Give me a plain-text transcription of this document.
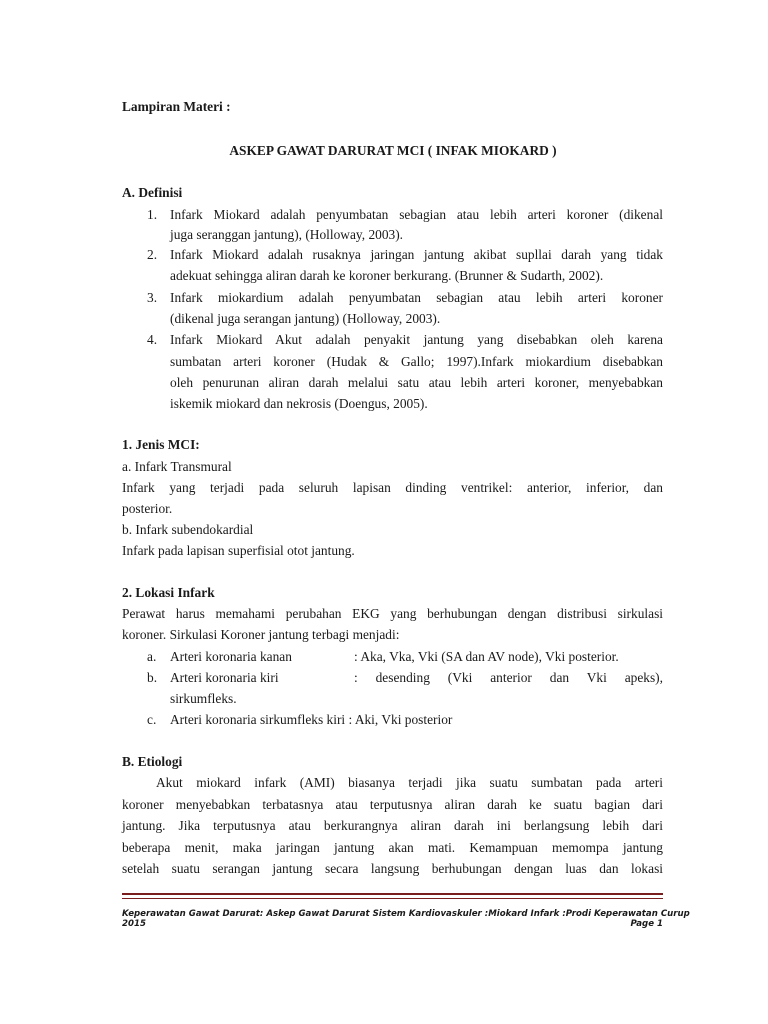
Lampiran Materi :
ASKEP GAWAT DARURAT MCI ( INFAK MIOKARD )
A. Definisi
1. Infark Miokard adalah penyumbatan sebagian atau lebih arteri koroner (dikenal
juga seranggan jantung), (Holloway, 2003).
2. Infark Miokard adalah rusaknya jaringan jantung akibat supllai darah yang tidak
adekuat sehingga aliran darah ke koroner berkurang. (Brunner & Sudarth, 2002).
3. Infark miokardium adalah penyumbatan sebagian atau lebih arteri koroner
(dikenal juga serangan jantung) (Holloway, 2003).
4. Infark Miokard Akut adalah penyakit jantung yang disebabkan oleh karena
sumbatan arteri koroner (Hudak & Gallo; 1997).Infark miokardium disebabkan
oleh penurunan aliran darah melalui satu atau lebih arteri koroner, menyebabkan
iskemik miokard dan nekrosis (Doengus, 2005).
1. Jenis MCI:
a. Infark Transmural
Infark yang terjadi pada seluruh lapisan dinding ventrikel: anterior, inferior, dan
posterior.
b. Infark subendokardial
Infark pada lapisan superfisial otot jantung.
2. Lokasi Infark
Perawat harus memahami perubahan EKG yang berhubungan dengan distribusi sirkulasi
koroner. Sirkulasi Koroner jantung terbagi menjadi:
a. Arteri koronaria kanan	: Aka, Vka, Vki (SA dan AV node), Vki posterior.
b. Arteri koronaria kiri	: desending (Vki anterior dan Vki apeks),
sirkumfleks.
c. Arteri koronaria sirkumfleks kiri : Aki, Vki posterior
B. Etiologi
Akut miokard infark (AMI) biasanya terjadi jika suatu sumbatan pada arteri
koroner menyebabkan terbatasnya atau terputusnya aliran darah ke suatu bagian dari
jantung. Jika terputusnya atau berkurangnya aliran darah ini berlangsung lebih dari
beberapa menit, maka jaringan jantung akan mati. Kemampuan memompa jantung
setelah suatu serangan jantung secara langsung berhubungan dengan luas dan lokasi
Keperawatan Gawat Darurat: Askep Gawat Darurat Sistem Kardiovaskuler :Miokard Infark :Prodi Keperawatan Curup
2015	Page 1
